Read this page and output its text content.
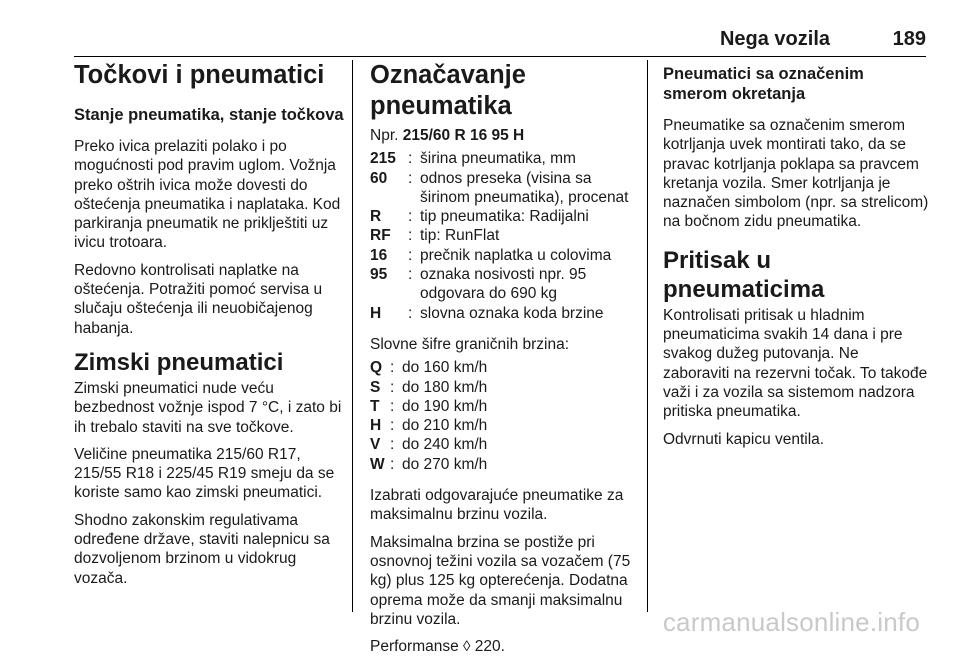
Nega vozila	189
Točkovi i pneumatici
Stanje pneumatika, stanje točkova

Preko ivica prelaziti polako i po mogućnosti pod pravim uglom. Vožnja preko oštrih ivica može dovesti do oštećenja pneumatika i naplataka. Kod parkiranja pneumatik ne priklještiti uz ivicu trotoara.

Redovno kontrolisati naplatke na oštećenja. Potražiti pomoć servisa u slučaju oštećenja ili neuobičajenog habanja.

Zimski pneumatici

Zimski pneumatici nude veću bezbednost vožnje ispod 7 °C, i zato bi ih trebalo staviti na sve točkove.

Veličine pneumatika 215/60 R17, 215/55 R18 i 225/45 R19 smeju da se koriste samo kao zimski pneumatici.

Shodno zakonskim regulativama određene države, staviti nalepnicu sa dozvoljenom brzinom u vidokrug vozača.

Označavanje pneumatika

Npr. 215/60 R 16 95 H

215 : širina pneumatika, mm
60	: odnos preseka (visina sa širinom pneumatika), procenat
R	: tip pneumatika: Radijalni
RF	: tip: RunFlat
16	: prečnik naplatka u colovima
95	: oznaka nosivosti npr. 95 odgovara do 690 kg
H	: slovna oznaka koda brzine

Slovne šifre graničnih brzina:

Q : do 160 km/h
S : do 180 km/h
T : do 190 km/h
H : do 210 km/h
V : do 240 km/h
W : do 270 km/h

Izabrati odgovarajuće pneumatike za maksimalnu brzinu vozila.

Maksimalna brzina se postiže pri osnovnoj težini vozila sa vozačem (75 kg) plus 125 kg opterećenja. Dodatna oprema može da smanji maksimalnu brzinu vozila.

Performanse ◊ 220.

Pneumatici sa označenim smerom okretanja

Pneumatike sa označenim smerom kotrljanja uvek montirati tako, da se pravac kotrljanja poklapa sa pravcem kretanja vozila. Smer kotrljanja je naznačen simbolom (npr. sa strelicom) na bočnom zidu pneumatika.

Pritisak u pneumaticima

Kontrolisati pritisak u hladnim pneumaticima svakih 14 dana i pre svakog dužeg putovanja. Ne zaboraviti na rezervni točak. To takođe važi i za vozila sa sistemom nadzora pritiska pneumatika.

Odvrnuti kapicu ventila.

carmanualsonline.info
